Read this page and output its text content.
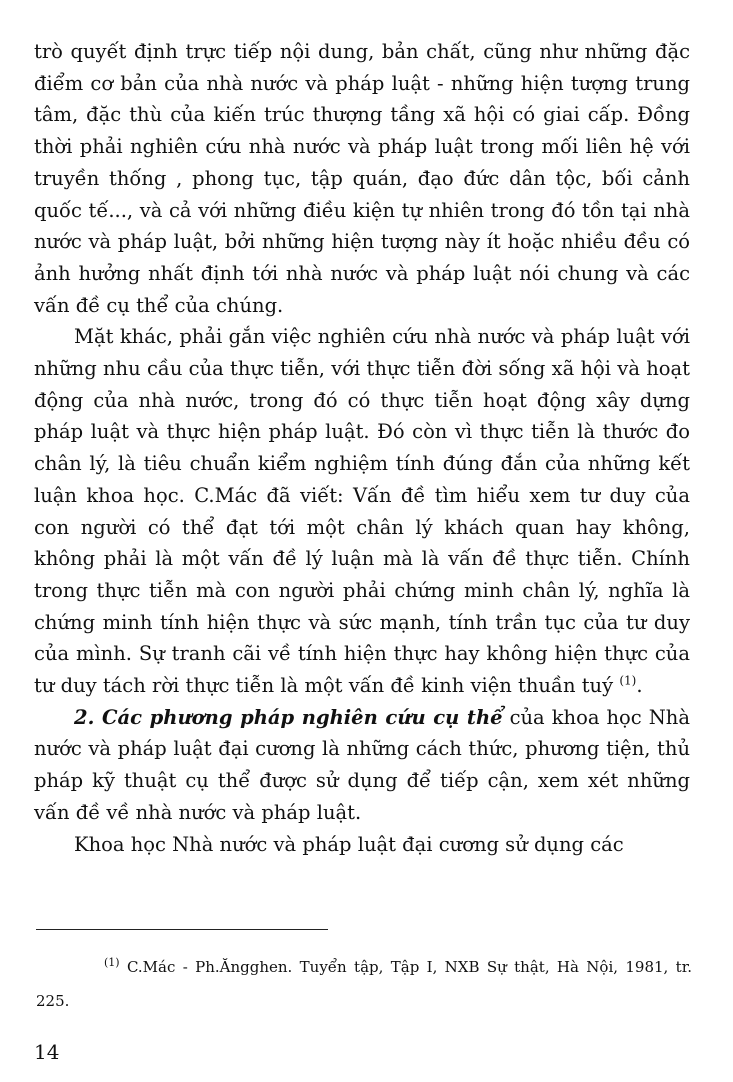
trò quyết định trực tiếp nội dung, bản chất, cũng như những đặc điểm cơ bản của nhà nước và pháp luật - những hiện tượng trung tâm, đặc thù của kiến trúc thượng tầng xã hội có giai cấp. Đồng thời phải nghiên cứu nhà nước và pháp luật trong mối liên hệ với truyền thống , phong tục, tập quán, đạo đức dân tộc, bối cảnh quốc tế..., và cả với những điều kiện tự nhiên trong đó tồn tại nhà nước và pháp luật, bởi những hiện tượng này ít hoặc nhiều đều có ảnh hưởng nhất định tới nhà nước và pháp luật nói chung và các vấn đề cụ thể của chúng.

Mặt khác, phải gắn việc nghiên cứu nhà nước và pháp luật với những nhu cầu của thực tiễn, với thực tiễn đời sống xã hội và hoạt động của nhà nước, trong đó có thực tiễn hoạt động xây dựng pháp luật và thực hiện pháp luật. Đó còn vì thực tiễn là thước đo chân lý, là tiêu chuẩn kiểm nghiệm tính đúng đắn của những kết luận khoa học. C.Mác đã viết: Vấn đề tìm hiểu xem tư duy của con người có thể đạt tới một chân lý khách quan hay không, không phải là một vấn đề lý luận mà là vấn đề thực tiễn. Chính trong thực tiễn mà con người phải chứng minh chân lý, nghĩa là chứng minh tính hiện thực và sức mạnh, tính trần tục của tư duy của mình. Sự tranh cãi về tính hiện thực hay không hiện thực của tư duy tách rời thực tiễn là một vấn đề kinh viện thuần tuý $^{(1)}$.

2. Các phương pháp nghiên cứu cụ thể của khoa học Nhà nước và pháp luật đại cương là những cách thức, phương tiện, thủ pháp kỹ thuật cụ thể được sử dụng để tiếp cận, xem xét những vấn đề về nhà nước và pháp luật.

Khoa học Nhà nước và pháp luật đại cương sử dụng các

$^{(1)}$ C.Mác - Ph.Ăngghen. Tuyển tập, Tập I, NXB Sự thật, Hà Nội, 1981, tr. 225.

14
